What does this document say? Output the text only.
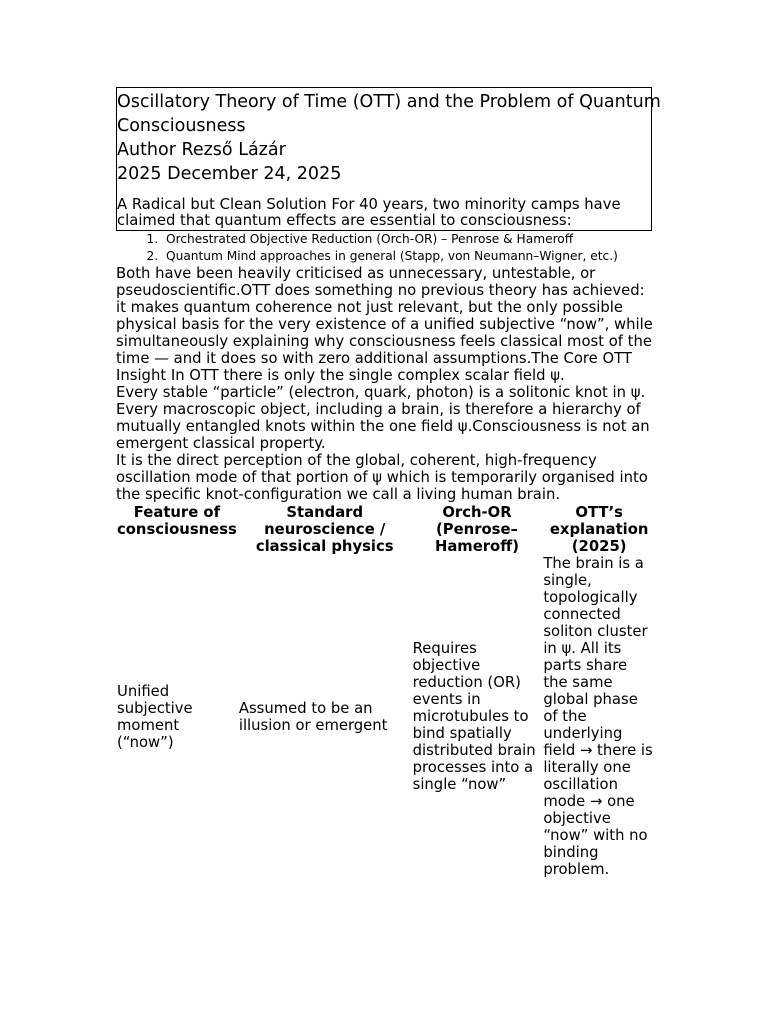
Oscillatory Theory of Time (OTT) and the Problem of Quantum

Consciousness

Author Rezső Lázár

2025 December 24, 2025

A Radical but Clean Solution For 40 years, two minority camps have claimed that quantum effects are essential to consciousness:
1. Orchestrated Objective Reduction (Orch-OR) – Penrose & Hameroff
2. Quantum Mind approaches in general (Stapp, von Neumann–Wigner, etc.)

Both have been heavily criticised as unnecessary, untestable, or pseudoscientific.OTT does something no previous theory has achieved:

it makes quantum coherence not just relevant, but the only possible physical basis for the very existence of a unified subjective “now”, while simultaneously explaining why consciousness feels classical most of the time — and it does so with zero additional assumptions.The Core OTT Insight In OTT there is only the single complex scalar field ψ.

Every stable “particle” (electron, quark, photon) is a solitonic knot in ψ.

Every macroscopic object, including a brain, is therefore a hierarchy of mutually entangled knots within the one field ψ.Consciousness is not an emergent classical property.

It is the direct perception of the global, coherent, high-frequency oscillation mode of that portion of ψ which is temporarily organised into the specific knot-configuration we call a living human brain.

Feature of consciousness	Standard neuroscience / classical physics	Orch-OR (Penrose–Hameroff)	OTT’s explanation (2025)
Unified subjective moment (“now”)	Assumed to be an illusion or emergent	Requires objective reduction (OR) events in microtubules to bind spatially distributed brain processes into a single “now”	The brain is a single, topologically connected soliton cluster in ψ. All its parts share the same global phase of the underlying field → there is literally one oscillation mode → one objective “now” with no binding problem.
